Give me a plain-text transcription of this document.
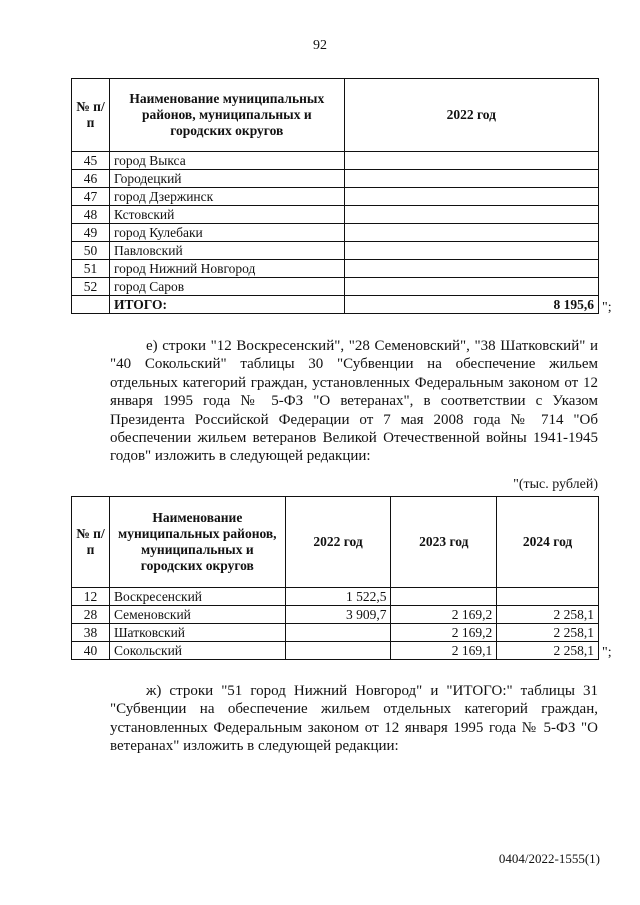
92
№ п/п	Наименование муниципальных районов, муниципальных и городских округов	2022 год
45	город Выкса	
46	Городецкий	
47	город Дзержинск	
48	Кстовский	
49	город Кулебаки	
50	Павловский	
51	город Нижний Новгород	
52	город Саров	
	ИТОГО:	8 195,6 ";
е) строки "12 Воскресенский", "28 Семеновский", "38 Шатковский" и "40 Сокольский" таблицы 30 "Субвенции на обеспечение жильем отдельных категорий граждан, установленных Федеральным законом от 12 января 1995 года № 5-ФЗ "О ветеранах", в соответствии с Указом Президента Российской Федерации от 7 мая 2008 года № 714 "Об обеспечении жильем ветеранов Великой Отечественной войны 1941-1945 годов" изложить в следующей редакции:
"(тыс. рублей)
№ п/п	Наименование муниципальных районов, муниципальных и городских округов	2022 год	2023 год	2024 год
12	Воскресенский	1 522,5		
28	Семеновский	3 909,7	2 169,2	2 258,1
38	Шатковский		2 169,2	2 258,1
40	Сокольский		2 169,1	2 258,1 ";
ж) строки "51 город Нижний Новгород" и "ИТОГО:" таблицы 31 "Субвенции на обеспечение жильем отдельных категорий граждан, установленных Федеральным законом от 12 января 1995 года № 5-ФЗ "О ветеранах" изложить в следующей редакции:
0404/2022-1555(1)
